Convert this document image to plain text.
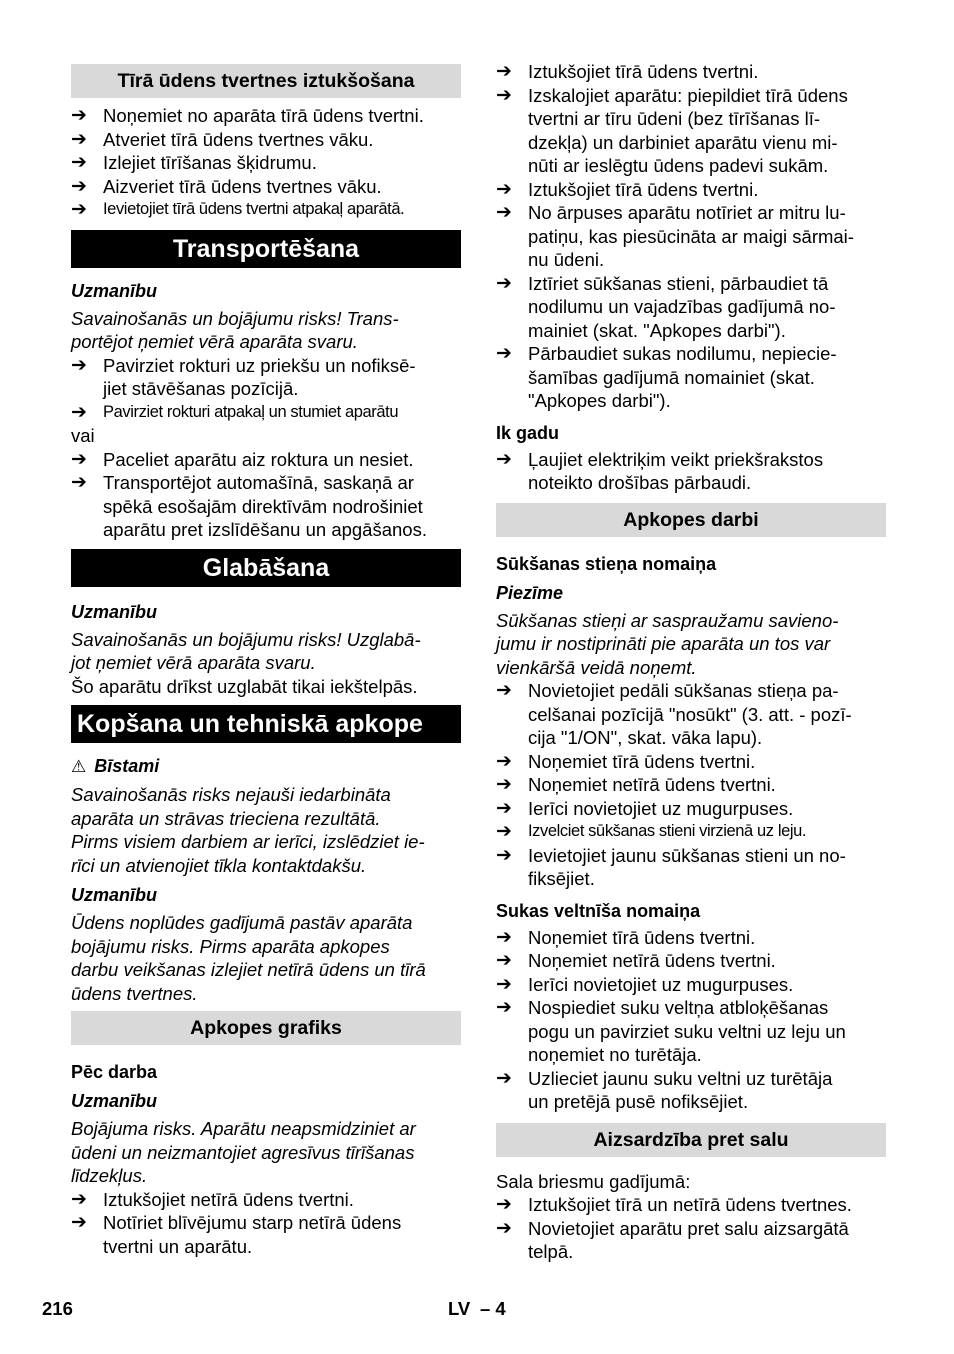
Tīrā ūdens tvertnes iztukšošana
➔ Noņemiet no aparāta tīrā ūdens tvertni.
➔ Atveriet tīrā ūdens tvertnes vāku.
➔ Izlejiet tīrīšanas šķidrumu.
➔ Aizveriet tīrā ūdens tvertnes vāku.
➔ Ievietojiet tīrā ūdens tvertni atpakaļ aparātā.
Transportēšana
Uzmanību
Savainošanās un bojājumu risks! Trans-
portējot ņemiet vērā aparāta svaru.
➔ Pavirziet rokturi uz priekšu un nofiksē-
jiet stāvēšanas pozīcijā.
➔ Pavirziet rokturi atpakaļ un stumiet aparātu
vai
➔ Paceliet aparātu aiz roktura un nesiet.
➔ Transportējot automašīnā, saskaņā ar
spēkā esošajām direktīvām nodrošiniet
aparātu pret izslīdēšanu un apgāšanos.
Glabāšana
Uzmanību
Savainošanās un bojājumu risks! Uzglabā-
jot ņemiet vērā aparāta svaru.
Šo aparātu drīkst uzglabāt tikai iekštelpās.
Kopšana un tehniskā apkope
⚠ Bīstami
Savainošanās risks nejauši iedarbināta
aparāta un strāvas trieciena rezultātā.
Pirms visiem darbiem ar ierīci, izslēdziet ie-
rīci un atvienojiet tīkla kontaktdakšu.
Uzmanību
Ūdens noplūdes gadījumā pastāv aparāta
bojājumu risks. Pirms aparāta apkopes
darbu veikšanas izlejiet netīrā ūdens un tīrā
ūdens tvertnes.
Apkopes grafiks
Pēc darba
Uzmanību
Bojājuma risks. Aparātu neapsmidziniet ar
ūdeni un neizmantojiet agresīvus tīrīšanas
līdzekļus.
➔ Iztukšojiet netīrā ūdens tvertni.
➔ Notīriet blīvējumu starp netīrā ūdens
tvertni un aparātu.
➔ Iztukšojiet tīrā ūdens tvertni.
➔ Izskalojiet aparātu: piepildiet tīrā ūdens
tvertni ar tīru ūdeni (bez tīrīšanas lī-
dzekļa) un darbiniet aparātu vienu mi-
nūti ar ieslēgtu ūdens padevi sukām.
➔ Iztukšojiet tīrā ūdens tvertni.
➔ No ārpuses aparātu notīriet ar mitru lu-
patiņu, kas piesūcināta ar maigi sārmai-
nu ūdeni.
➔ Iztīriet sūkšanas stieni, pārbaudiet tā
nodilumu un vajadzības gadījumā no-
mainiet (skat. "Apkopes darbi").
➔ Pārbaudiet sukas nodilumu, nepiecie-
šamības gadījumā nomainiet (skat.
"Apkopes darbi").
Ik gadu
➔ Ļaujiet elektriķim veikt priekšrakstos
noteikto drošības pārbaudi.
Apkopes darbi
Sūkšanas stieņa nomaiņa
Piezīme
Sūkšanas stieņi ar saspraužamu savieno-
jumu ir nostiprināti pie aparāta un tos var
vienkāršā veidā noņemt.
➔ Novietojiet pedāli sūkšanas stieņa pa-
celšanai pozīcijā "nosūkt" (3. att. - pozī-
cija "1/ON", skat. vāka lapu).
➔ Noņemiet tīrā ūdens tvertni.
➔ Noņemiet netīrā ūdens tvertni.
➔ Ierīci novietojiet uz mugurpuses.
➔ Izvelciet sūkšanas stieni virzienā uz leju.
➔ Ievietojiet jaunu sūkšanas stieni un no-
fiksējiet.
Sukas veltnīša nomaiņa
➔ Noņemiet tīrā ūdens tvertni.
➔ Noņemiet netīrā ūdens tvertni.
➔ Ierīci novietojiet uz mugurpuses.
➔ Nospiediet suku veltņa atbloķēšanas
pogu un pavirziet suku veltni uz leju un
noņemiet no turētāja.
➔ Uzlieciet jaunu suku veltni uz turētāja
un pretējā pusē nofiksējiet.
Aizsardzība pret salu
Sala briesmu gadījumā:
➔ Iztukšojiet tīrā un netīrā ūdens tvertnes.
➔ Novietojiet aparātu pret salu aizsargātā
telpā.
216	LV – 4
